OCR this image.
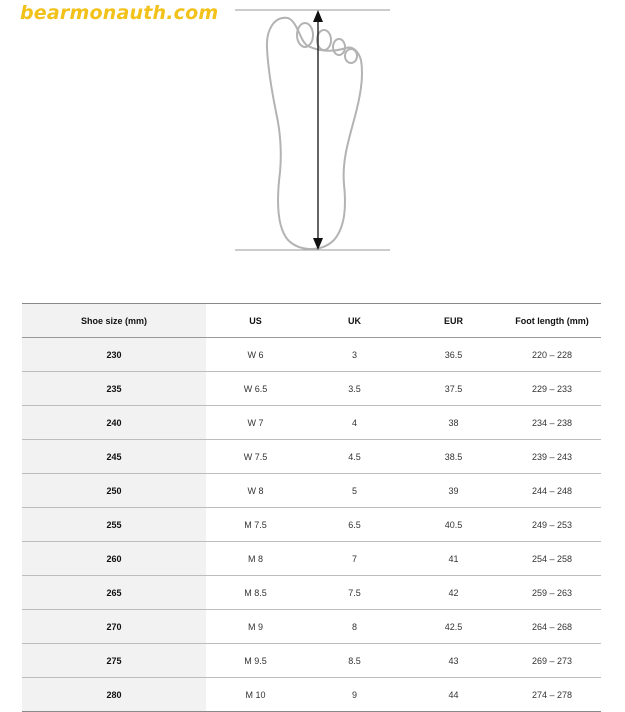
bearmonauth.com
Shoe size (mm)	US	UK	EUR	Foot length (mm)
230	W 6	3	36.5	220 – 228
235	W 6.5	3.5	37.5	229 – 233
240	W 7	4	38	234 – 238
245	W 7.5	4.5	38.5	239 – 243
250	W 8	5	39	244 – 248
255	M 7.5	6.5	40.5	249 – 253
260	M 8	7	41	254 – 258
265	M 8.5	7.5	42	259 – 263
270	M 9	8	42.5	264 – 268
275	M 9.5	8.5	43	269 – 273
280	M 10	9	44	274 – 278
